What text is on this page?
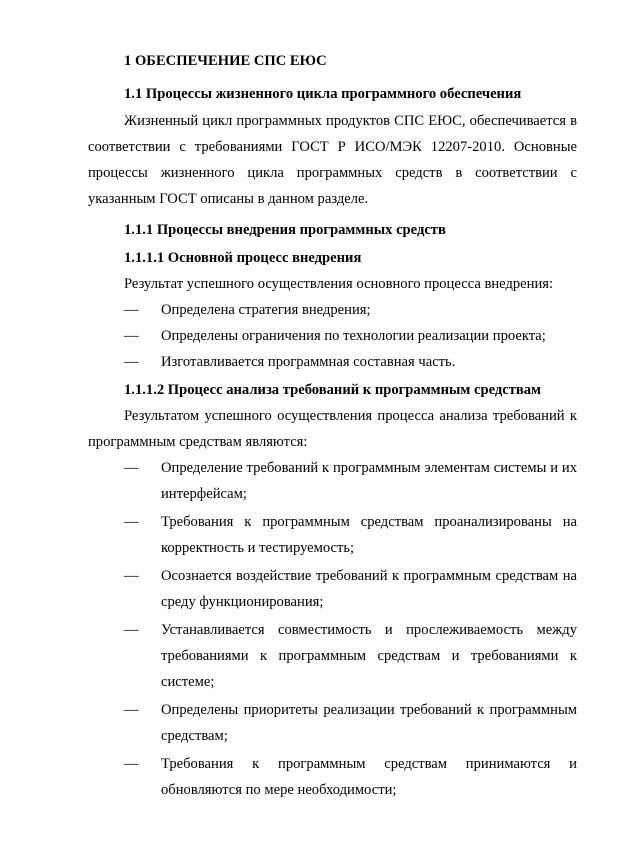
1 ОБЕСПЕЧЕНИЕ СПС ЕЮС

1.1 Процессы жизненного цикла программного обеспечения

Жизненный цикл программных продуктов СПС ЕЮС, обеспечивается в соответствии с требованиями ГОСТ Р ИСО/МЭК 12207-2010. Основные процессы жизненного цикла программных средств в соответствии с указанным ГОСТ описаны в данном разделе.

1.1.1 Процессы внедрения программных средств

1.1.1.1 Основной процесс внедрения

Результат успешного осуществления основного процесса внедрения:

— Определена стратегия внедрения;
— Определены ограничения по технологии реализации проекта;
— Изготавливается программная составная часть.

1.1.1.2 Процесс анализа требований к программным средствам

Результатом успешного осуществления процесса анализа требований к программным средствам являются:

— Определение требований к программным элементам системы и их интерфейсам;
— Требования к программным средствам проанализированы на корректность и тестируемость;
— Осознается воздействие требований к программным средствам на среду функционирования;
— Устанавливается совместимость и прослеживаемость между требованиями к программным средствам и требованиями к системе;
— Определены приоритеты реализации требований к программным средствам;
— Требования к программным средствам принимаются и обновляются по мере необходимости;
